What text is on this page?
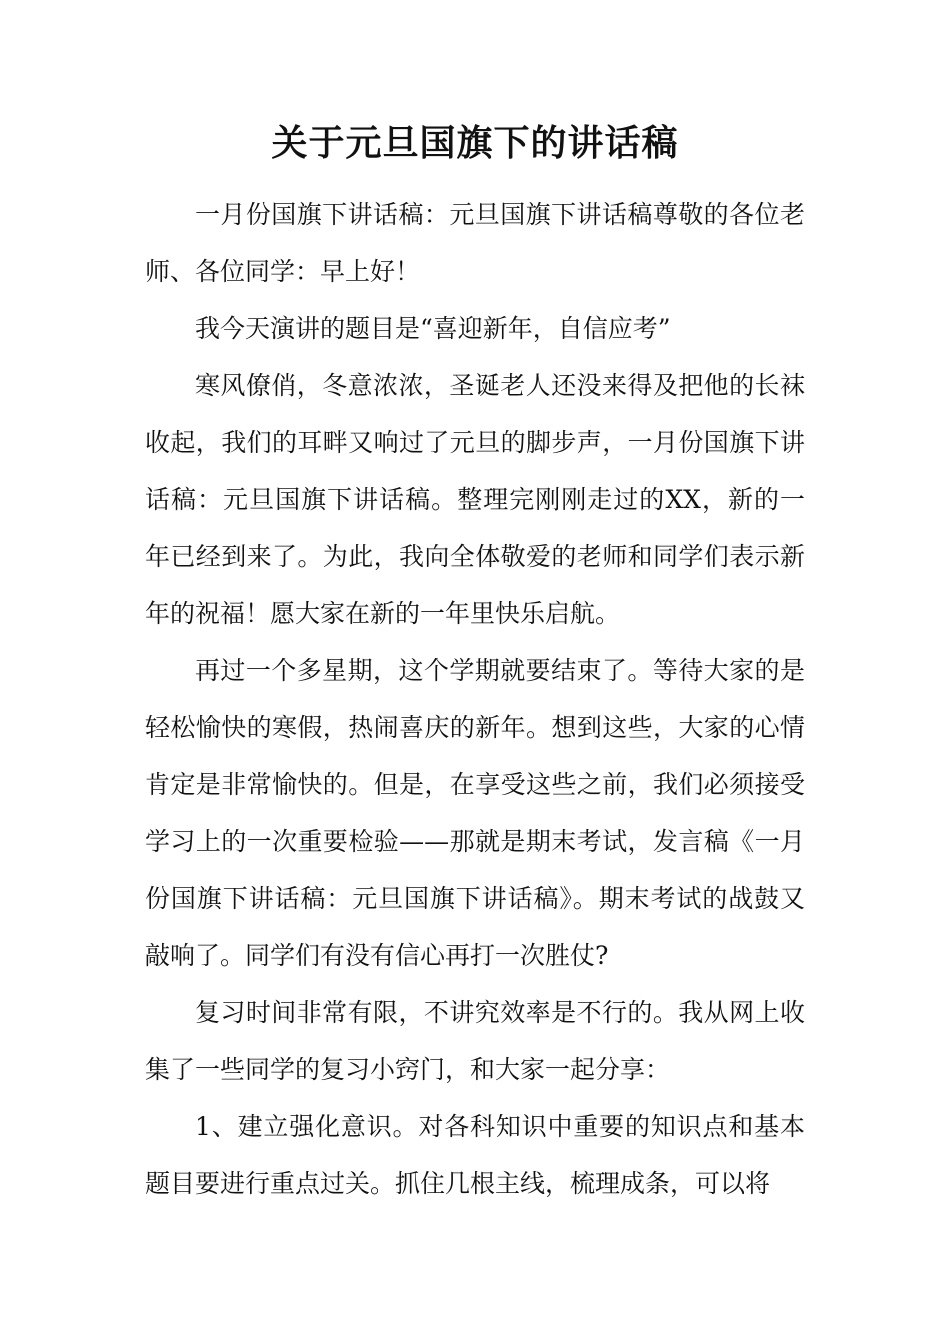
关于元旦国旗下的讲话稿

一月份国旗下讲话稿：元旦国旗下讲话稿尊敬的各位老师、各位同学：早上好！

我今天演讲的题目是“喜迎新年，自信应考”

寒风僚俏，冬意浓浓，圣诞老人还没来得及把他的长袜收起，我们的耳畔又响过了元旦的脚步声，一月份国旗下讲话稿：元旦国旗下讲话稿。整理完刚刚走过的XX，新的一年已经到来了。为此，我向全体敬爱的老师和同学们表示新年的祝福！愿大家在新的一年里快乐启航。

再过一个多星期，这个学期就要结束了。等待大家的是轻松愉快的寒假，热闹喜庆的新年。想到这些，大家的心情肯定是非常愉快的。但是，在享受这些之前，我们必须接受学习上的一次重要检验——那就是期末考试，发言稿《一月份国旗下讲话稿：元旦国旗下讲话稿》。期末考试的战鼓又敲响了。同学们有没有信心再打一次胜仗?

复习时间非常有限，不讲究效率是不行的。我从网上收集了一些同学的复习小窍门，和大家一起分享：

1、建立强化意识。对各科知识中重要的知识点和基本题目要进行重点过关。抓住几根主线，梳理成条，可以将
